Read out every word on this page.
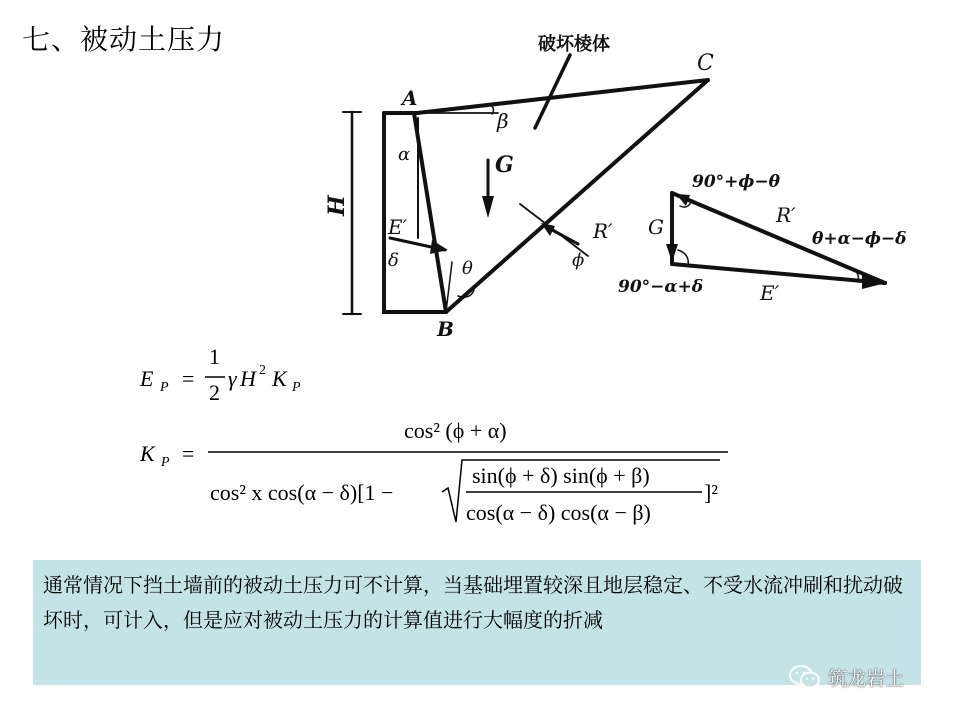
七、被动土压力	破坏棱体
A
B
C
H
β
α	G
E′
δ	θ
R′
ϕ
G	R′
E′
90°+ϕ−θ
θ+α−ϕ−δ
90°−α+δ
E P =
1
2
γ H 2 K P
K P =
cos² (ϕ + α)
cos² x cos(α − δ)[1 −
sin(ϕ + δ) sin(ϕ + β)
cos(α − δ) cos(α − β)
]²

通常情况下挡土墙前的被动土压力可不计算，当基础埋置较深且地层稳定、不受水流冲刷和扰动破坏时，可计入，但是应对被动土压力的计算值进行大幅度的折减

筑龙岩土
